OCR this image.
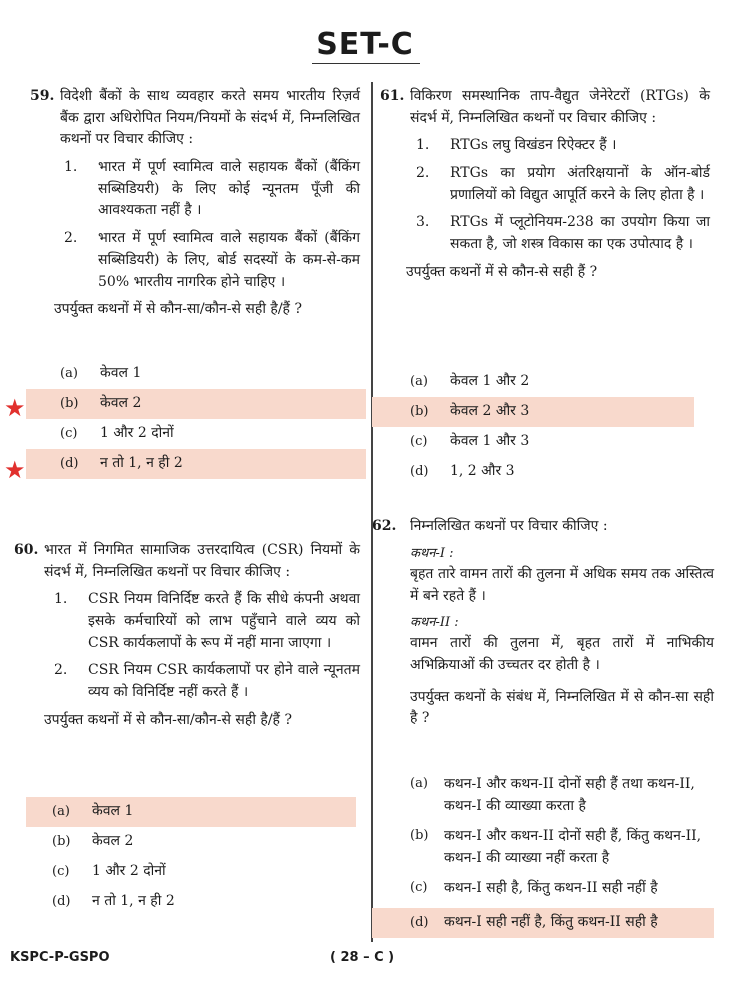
SET-C
59. विदेशी बैंकों के साथ व्यवहार करते समय भारतीय रिज़र्व बैंक द्वारा अधिरोपित नियम/नियमों के संदर्भ में, निम्नलिखित कथनों पर विचार कीजिए :
1.	भारत में पूर्ण स्वामित्व वाले सहायक बैंकों (बैंकिंग सब्सिडियरी) के लिए कोई न्यूनतम पूँजी की आवश्यकता नहीं है ।
2.	भारत में पूर्ण स्वामित्व वाले सहायक बैंकों (बैंकिंग सब्सिडियरी) के लिए, बोर्ड सदस्यों के कम-से-कम 50% भारतीय नागरिक होने चाहिए ।
उपर्युक्त कथनों में से कौन-सा/कौन-से सही है/हैं ?
(a)	केवल 1
(b)	केवल 2
(c)	1 और 2 दोनों
(d)	न तो 1, न ही 2
★
★
60. भारत में निगमित सामाजिक उत्तरदायित्व (CSR) नियमों के संदर्भ में, निम्नलिखित कथनों पर विचार कीजिए :
1.	CSR नियम विनिर्दिष्ट करते हैं कि सीधे कंपनी अथवा इसके कर्मचारियों को लाभ पहुँचाने वाले व्यय को CSR कार्यकलापों के रूप में नहीं माना जाएगा ।
2.	CSR नियम CSR कार्यकलापों पर होने वाले न्यूनतम व्यय को विनिर्दिष्ट नहीं करते हैं ।
उपर्युक्त कथनों में से कौन-सा/कौन-से सही है/हैं ?
(a)	केवल 1
(b)	केवल 2
(c)	1 और 2 दोनों
(d)	न तो 1, न ही 2
61. विकिरण समस्थानिक ताप-वैद्युत जेनेरेटरों (RTGs) के संदर्भ में, निम्नलिखित कथनों पर विचार कीजिए :
1.	RTGs लघु विखंडन रिऐक्टर हैं ।
2.	RTGs का प्रयोग अंतरिक्षयानों के ऑन-बोर्ड प्रणालियों को विद्युत आपूर्ति करने के लिए होता है ।
3.	RTGs में प्लूटोनियम-238 का उपयोग किया जा सकता है, जो शस्त्र विकास का एक उपोत्पाद है ।
उपर्युक्त कथनों में से कौन-से सही हैं ?
(a)	केवल 1 और 2
(b)	केवल 2 और 3
(c)	केवल 1 और 3
(d)	1, 2 और 3
62. निम्नलिखित कथनों पर विचार कीजिए :
कथन-I :
बृहत तारे वामन तारों की तुलना में अधिक समय तक अस्तित्व में बने रहते हैं ।
कथन-II :
वामन तारों की तुलना में, बृहत तारों में नाभिकीय अभिक्रियाओं की उच्चतर दर होती है ।
उपर्युक्त कथनों के संबंध में, निम्नलिखित में से कौन-सा सही है ?
(a)	कथन-I और कथन-II दोनों सही हैं तथा कथन-II, कथन-I की व्याख्या करता है
(b)	कथन-I और कथन-II दोनों सही हैं, किंतु कथन-II, कथन-I की व्याख्या नहीं करता है
(c)	कथन-I सही है, किंतु कथन-II सही नहीं है
(d)	कथन-I सही नहीं है, किंतु कथन-II सही है
KSPC-P-GSPO	( 28 – C )
